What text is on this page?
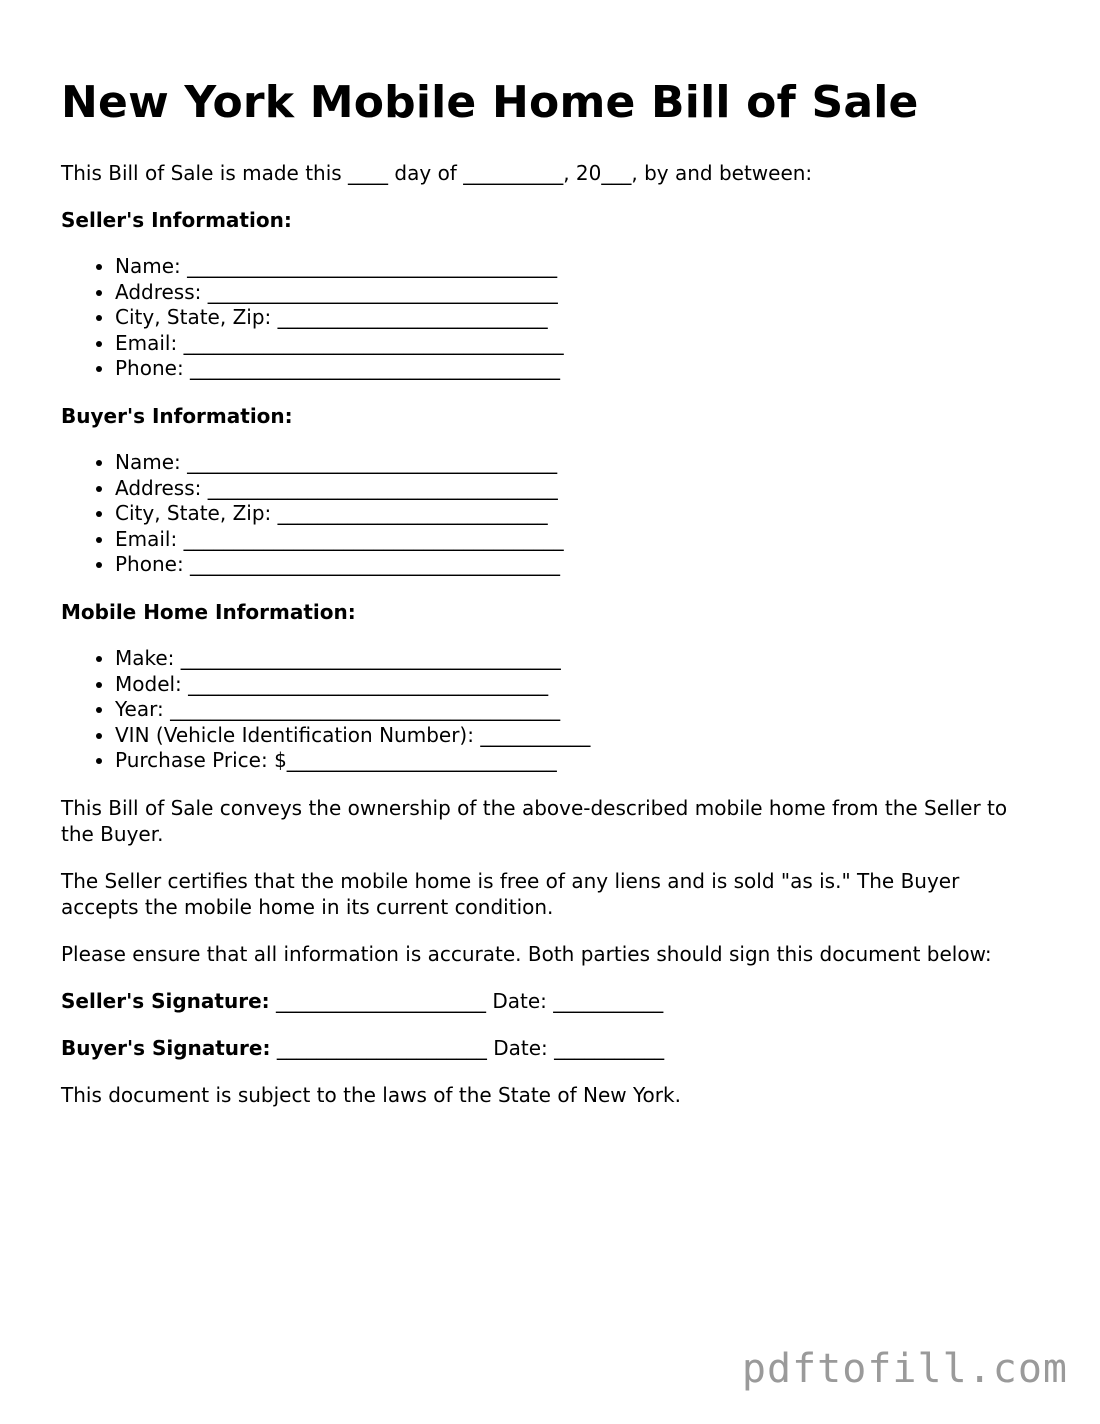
New York Mobile Home Bill of Sale

This Bill of Sale is made this ____ day of __________, 20___, by and between:

Seller's Information:
• Name: _____________________________________
• Address: ___________________________________
• City, State, Zip: ___________________________
• Email: ______________________________________
• Phone: _____________________________________
Buyer's Information:
• Name: _____________________________________
• Address: ___________________________________
• City, State, Zip: ___________________________
• Email: ______________________________________
• Phone: _____________________________________
Mobile Home Information:
• Make: ______________________________________
• Model: ____________________________________
• Year: _______________________________________
• VIN (Vehicle Identification Number): ___________
• Purchase Price: $___________________________

This Bill of Sale conveys the ownership of the above-described mobile home from the Seller to the Buyer.

The Seller certifies that the mobile home is free of any liens and is sold "as is." The Buyer accepts the mobile home in its current condition.

Please ensure that all information is accurate. Both parties should sign this document below:

Seller's Signature: _____________________ Date: ___________

Buyer's Signature: _____________________ Date: ___________

This document is subject to the laws of the State of New York.

pdftofill.com
